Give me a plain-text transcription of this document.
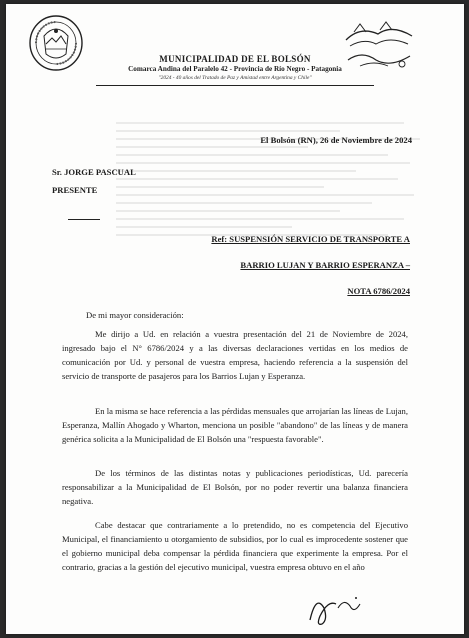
MUNICIPALIDAD DE EL BOLSÓN
Comarca Andina del Paralelo 42 - Provincia de Río Negro - Patagonia
"2024 - 40 años del Tratado de Paz y Amistad entre Argentina y Chile"
El Bolsón (RN), 26 de Noviembre de 2024
Sr. JORGE PASCUAL
PRESENTE
Ref: SUSPENSIÓN SERVICIO DE TRANSPORTE A
BARRIO LUJAN Y BARRIO ESPERANZA –
NOTA 6786/2024
De mi mayor consideración:

Me dirijo a Ud. en relación a vuestra presentación del 21 de Noviembre de 2024, ingresado bajo el N° 6786/2024 y a las diversas declaraciones vertidas en los medios de comunicación por Ud. y personal de vuestra empresa, haciendo referencia a la suspensión del servicio de transporte de pasajeros para los Barrios Lujan y Esperanza.

En la misma se hace referencia a las pérdidas mensuales que arrojarían las líneas de Lujan, Esperanza, Mallín Ahogado y Wharton, menciona un posible "abandono" de las líneas y de manera genérica solicita a la Municipalidad de El Bolsón una "respuesta favorable".

De los términos de las distintas notas y publicaciones periodísticas, Ud. parecería responsabilizar a la Municipalidad de El Bolsón, por no poder revertir una balanza financiera negativa.

Cabe destacar que contrariamente a lo pretendido, no es competencia del Ejecutivo Municipal, el financiamiento u otorgamiento de subsidios, por lo cual es improcedente sostener que el gobierno municipal deba compensar la pérdida financiera que experimente la empresa. Por el contrario, gracias a la gestión del ejecutivo municipal, vuestra empresa obtuvo en el año
